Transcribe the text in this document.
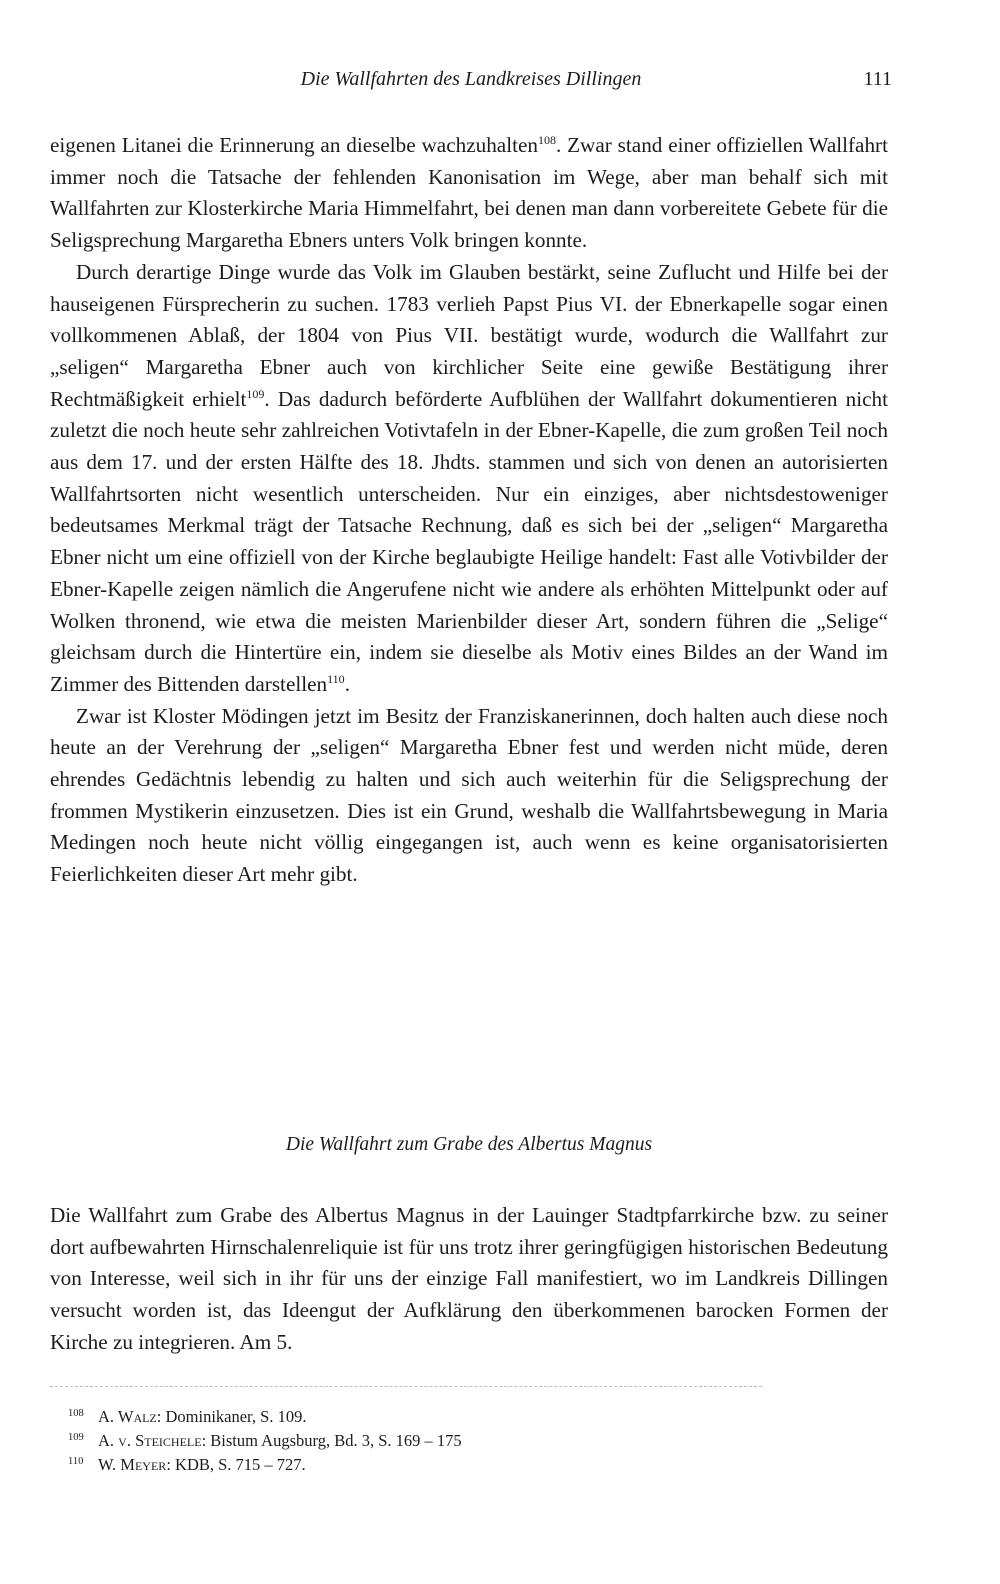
Die Wallfahrten des Landkreises Dillingen	111

eigenen Litanei die Erinnerung an dieselbe wachzuhalten$^{108}$. Zwar stand einer offiziellen Wallfahrt immer noch die Tatsache der fehlenden Kanonisation im Wege, aber man behalf sich mit Wallfahrten zur Klosterkirche Maria Himmelfahrt, bei denen man dann vorbereitete Gebete für die Seligsprechung Margaretha Ebners unters Volk bringen konnte.

Durch derartige Dinge wurde das Volk im Glauben bestärkt, seine Zuflucht und Hilfe bei der hauseigenen Fürsprecherin zu suchen. 1783 verlieh Papst Pius VI. der Ebnerkapelle sogar einen vollkommenen Ablaß, der 1804 von Pius VII. bestätigt wurde, wodurch die Wallfahrt zur „seligen“ Margaretha Ebner auch von kirchlicher Seite eine gewiße Bestätigung ihrer Rechtmäßigkeit erhielt$^{109}$. Das dadurch beförderte Aufblühen der Wallfahrt dokumentieren nicht zuletzt die noch heute sehr zahlreichen Votivtafeln in der Ebner-Kapelle, die zum großen Teil noch aus dem 17. und der ersten Hälfte des 18. Jhdts. stammen und sich von denen an autorisierten Wallfahrtsorten nicht wesentlich unterscheiden. Nur ein einziges, aber nichtsdestoweniger bedeutsames Merkmal trägt der Tatsache Rechnung, daß es sich bei der „seligen“ Margaretha Ebner nicht um eine offiziell von der Kirche beglaubigte Heilige handelt: Fast alle Votivbilder der Ebner-Kapelle zeigen nämlich die Angerufene nicht wie andere als erhöhten Mittelpunkt oder auf Wolken thronend, wie etwa die meisten Marienbilder dieser Art, sondern führen die „Selige“ gleichsam durch die Hintertüre ein, indem sie dieselbe als Motiv eines Bildes an der Wand im Zimmer des Bittenden darstellen$^{110}$.

Zwar ist Kloster Mödingen jetzt im Besitz der Franziskanerinnen, doch halten auch diese noch heute an der Verehrung der „seligen“ Margaretha Ebner fest und werden nicht müde, deren ehrendes Gedächtnis lebendig zu halten und sich auch weiterhin für die Seligsprechung der frommen Mystikerin einzusetzen. Dies ist ein Grund, weshalb die Wallfahrtsbewegung in Maria Medingen noch heute nicht völlig eingegangen ist, auch wenn es keine organisatorisierten Feierlichkeiten dieser Art mehr gibt.

Die Wallfahrt zum Grabe des Albertus Magnus

Die Wallfahrt zum Grabe des Albertus Magnus in der Lauinger Stadtpfarrkirche bzw. zu seiner dort aufbewahrten Hirnschalenreliquie ist für uns trotz ihrer geringfügigen historischen Bedeutung von Interesse, weil sich in ihr für uns der einzige Fall manifestiert, wo im Landkreis Dillingen versucht worden ist, das Ideengut der Aufklärung den überkommenen barocken Formen der Kirche zu integrieren. Am 5.

108 A. Walz: Dominikaner, S. 109.
109 A. v. Steichele: Bistum Augsburg, Bd. 3, S. 169 – 175
110 W. Meyer: KDB, S. 715 – 727.
